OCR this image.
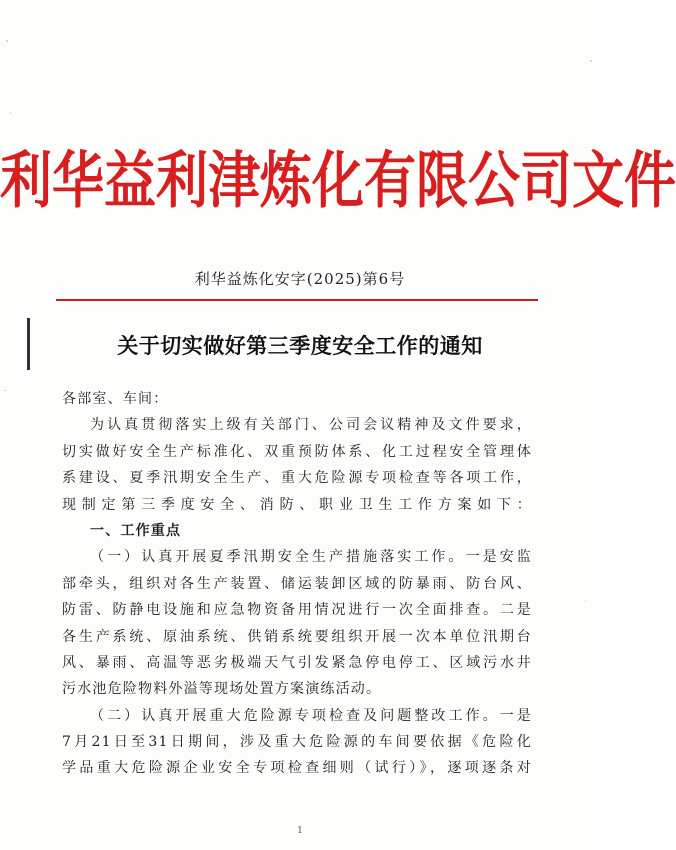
利华益利津炼化有限公司文件
利华益炼化安字(2025)第6号
关于切实做好第三季度安全工作的通知
各部室、车间：
为认真贯彻落实上级有关部门、公司会议精神及文件要求，
切实做好安全生产标准化、双重预防体系、化工过程安全管理体
系建设、夏季汛期安全生产、重大危险源专项检查等各项工作，
现制定第三季度安全、消防、职业卫生工作方案如下：
一、工作重点
（一）认真开展夏季汛期安全生产措施落实工作。一是安监
部牵头，组织对各生产装置、储运装卸区域的防暴雨、防台风、
防雷、防静电设施和应急物资备用情况进行一次全面排查。二是
各生产系统、原油系统、供销系统要组织开展一次本单位汛期台
风、暴雨、高温等恶劣极端天气引发紧急停电停工、区域污水井
污水池危险物料外溢等现场处置方案演练活动。
（二）认真开展重大危险源专项检查及问题整改工作。一是
7月21日至31日期间，涉及重大危险源的车间要依据《危险化
学品重大危险源企业安全专项检查细则（试行）》，逐项逐条对
1
